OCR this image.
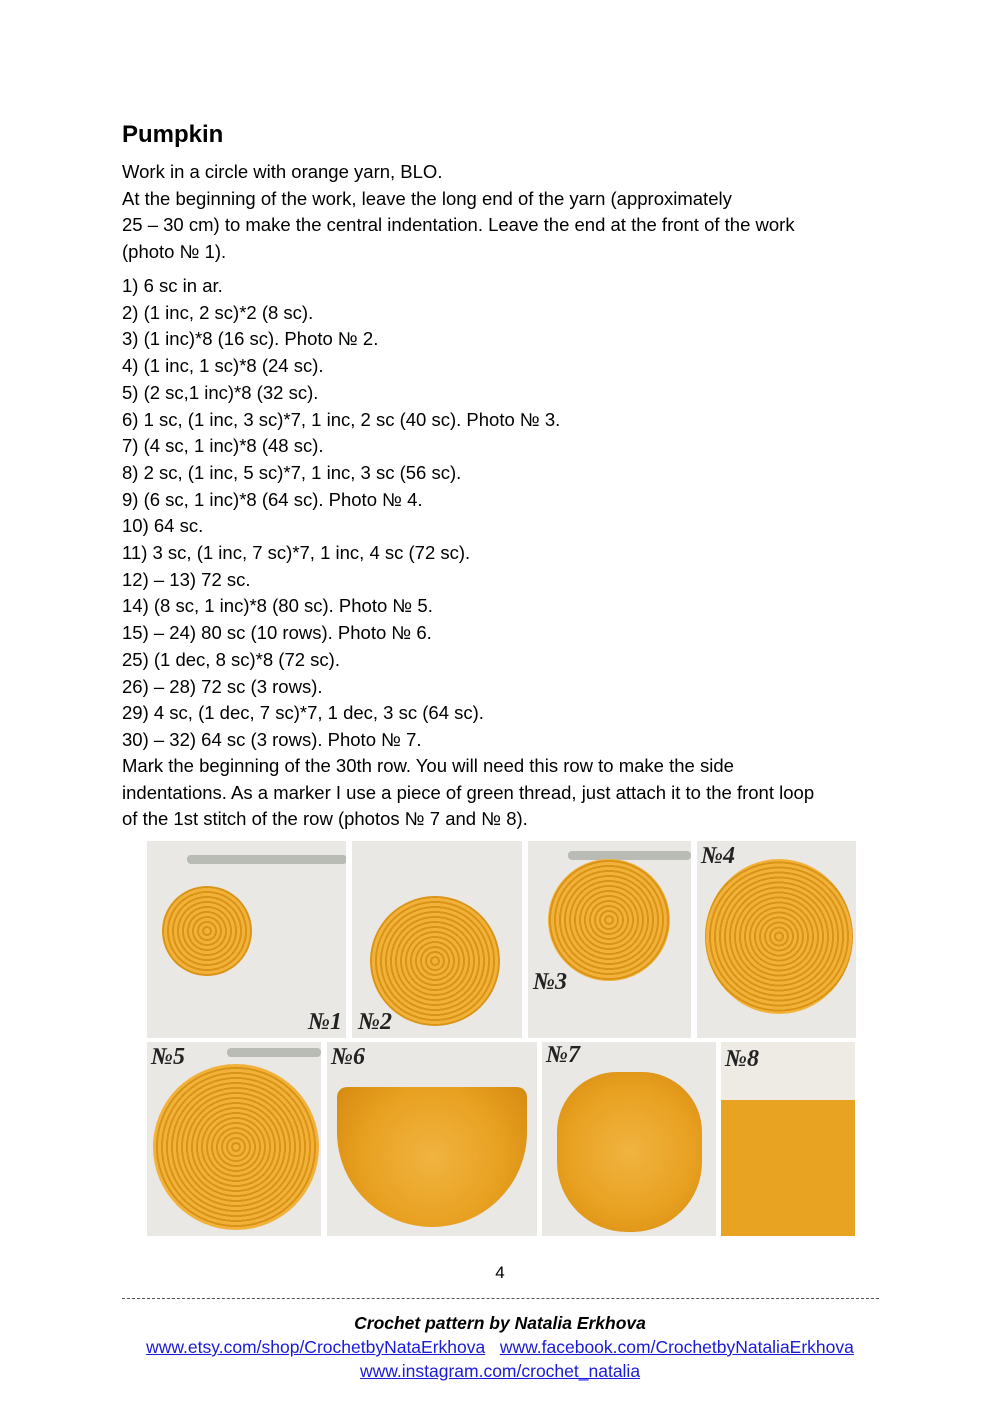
Pumpkin
Work in a circle with orange yarn, BLO.
At the beginning of the work, leave the long end of the yarn (approximately
25 – 30 cm) to make the central indentation. Leave the end at the front of the work
(photo № 1).
1) 6 sc in ar.
2) (1 inc, 2 sc)*2 (8 sc).
3) (1 inc)*8 (16 sc). Photo № 2.
4) (1 inc, 1 sc)*8 (24 sc).
5) (2 sc,1 inc)*8 (32 sc).
6) 1 sc, (1 inc, 3 sc)*7, 1 inc, 2 sc (40 sc). Photo № 3.
7) (4 sc, 1 inc)*8 (48 sc).
8) 2 sc, (1 inc, 5 sc)*7, 1 inc, 3 sc (56 sc).
9) (6 sc, 1 inc)*8 (64 sc). Photo № 4.
10) 64 sc.
11) 3 sc, (1 inc, 7 sc)*7, 1 inc, 4 sc (72 sc).
12) – 13) 72 sc.
14) (8 sc, 1 inc)*8 (80 sc). Photo № 5.
15) – 24) 80 sc (10 rows). Photo № 6.
25) (1 dec, 8 sc)*8 (72 sc).
26) – 28) 72 sc (3 rows).
29) 4 sc, (1 dec, 7 sc)*7, 1 dec, 3 sc (64 sc).
30) – 32) 64 sc (3 rows). Photo № 7.
Mark the beginning of the 30th row. You will need this row to make the side
indentations. As a marker I use a piece of green thread, just attach it to the front loop
of the 1st stitch of the row (photos № 7 and № 8).
№1 №2
№3
№4
№5	№6	№7	№8
4
Crochet pattern by Natalia Erkhova
www.etsy.com/shop/CrochetbyNataErkhova www.facebook.com/CrochetbyNataliaErkhova
www.instagram.com/crochet_natalia
